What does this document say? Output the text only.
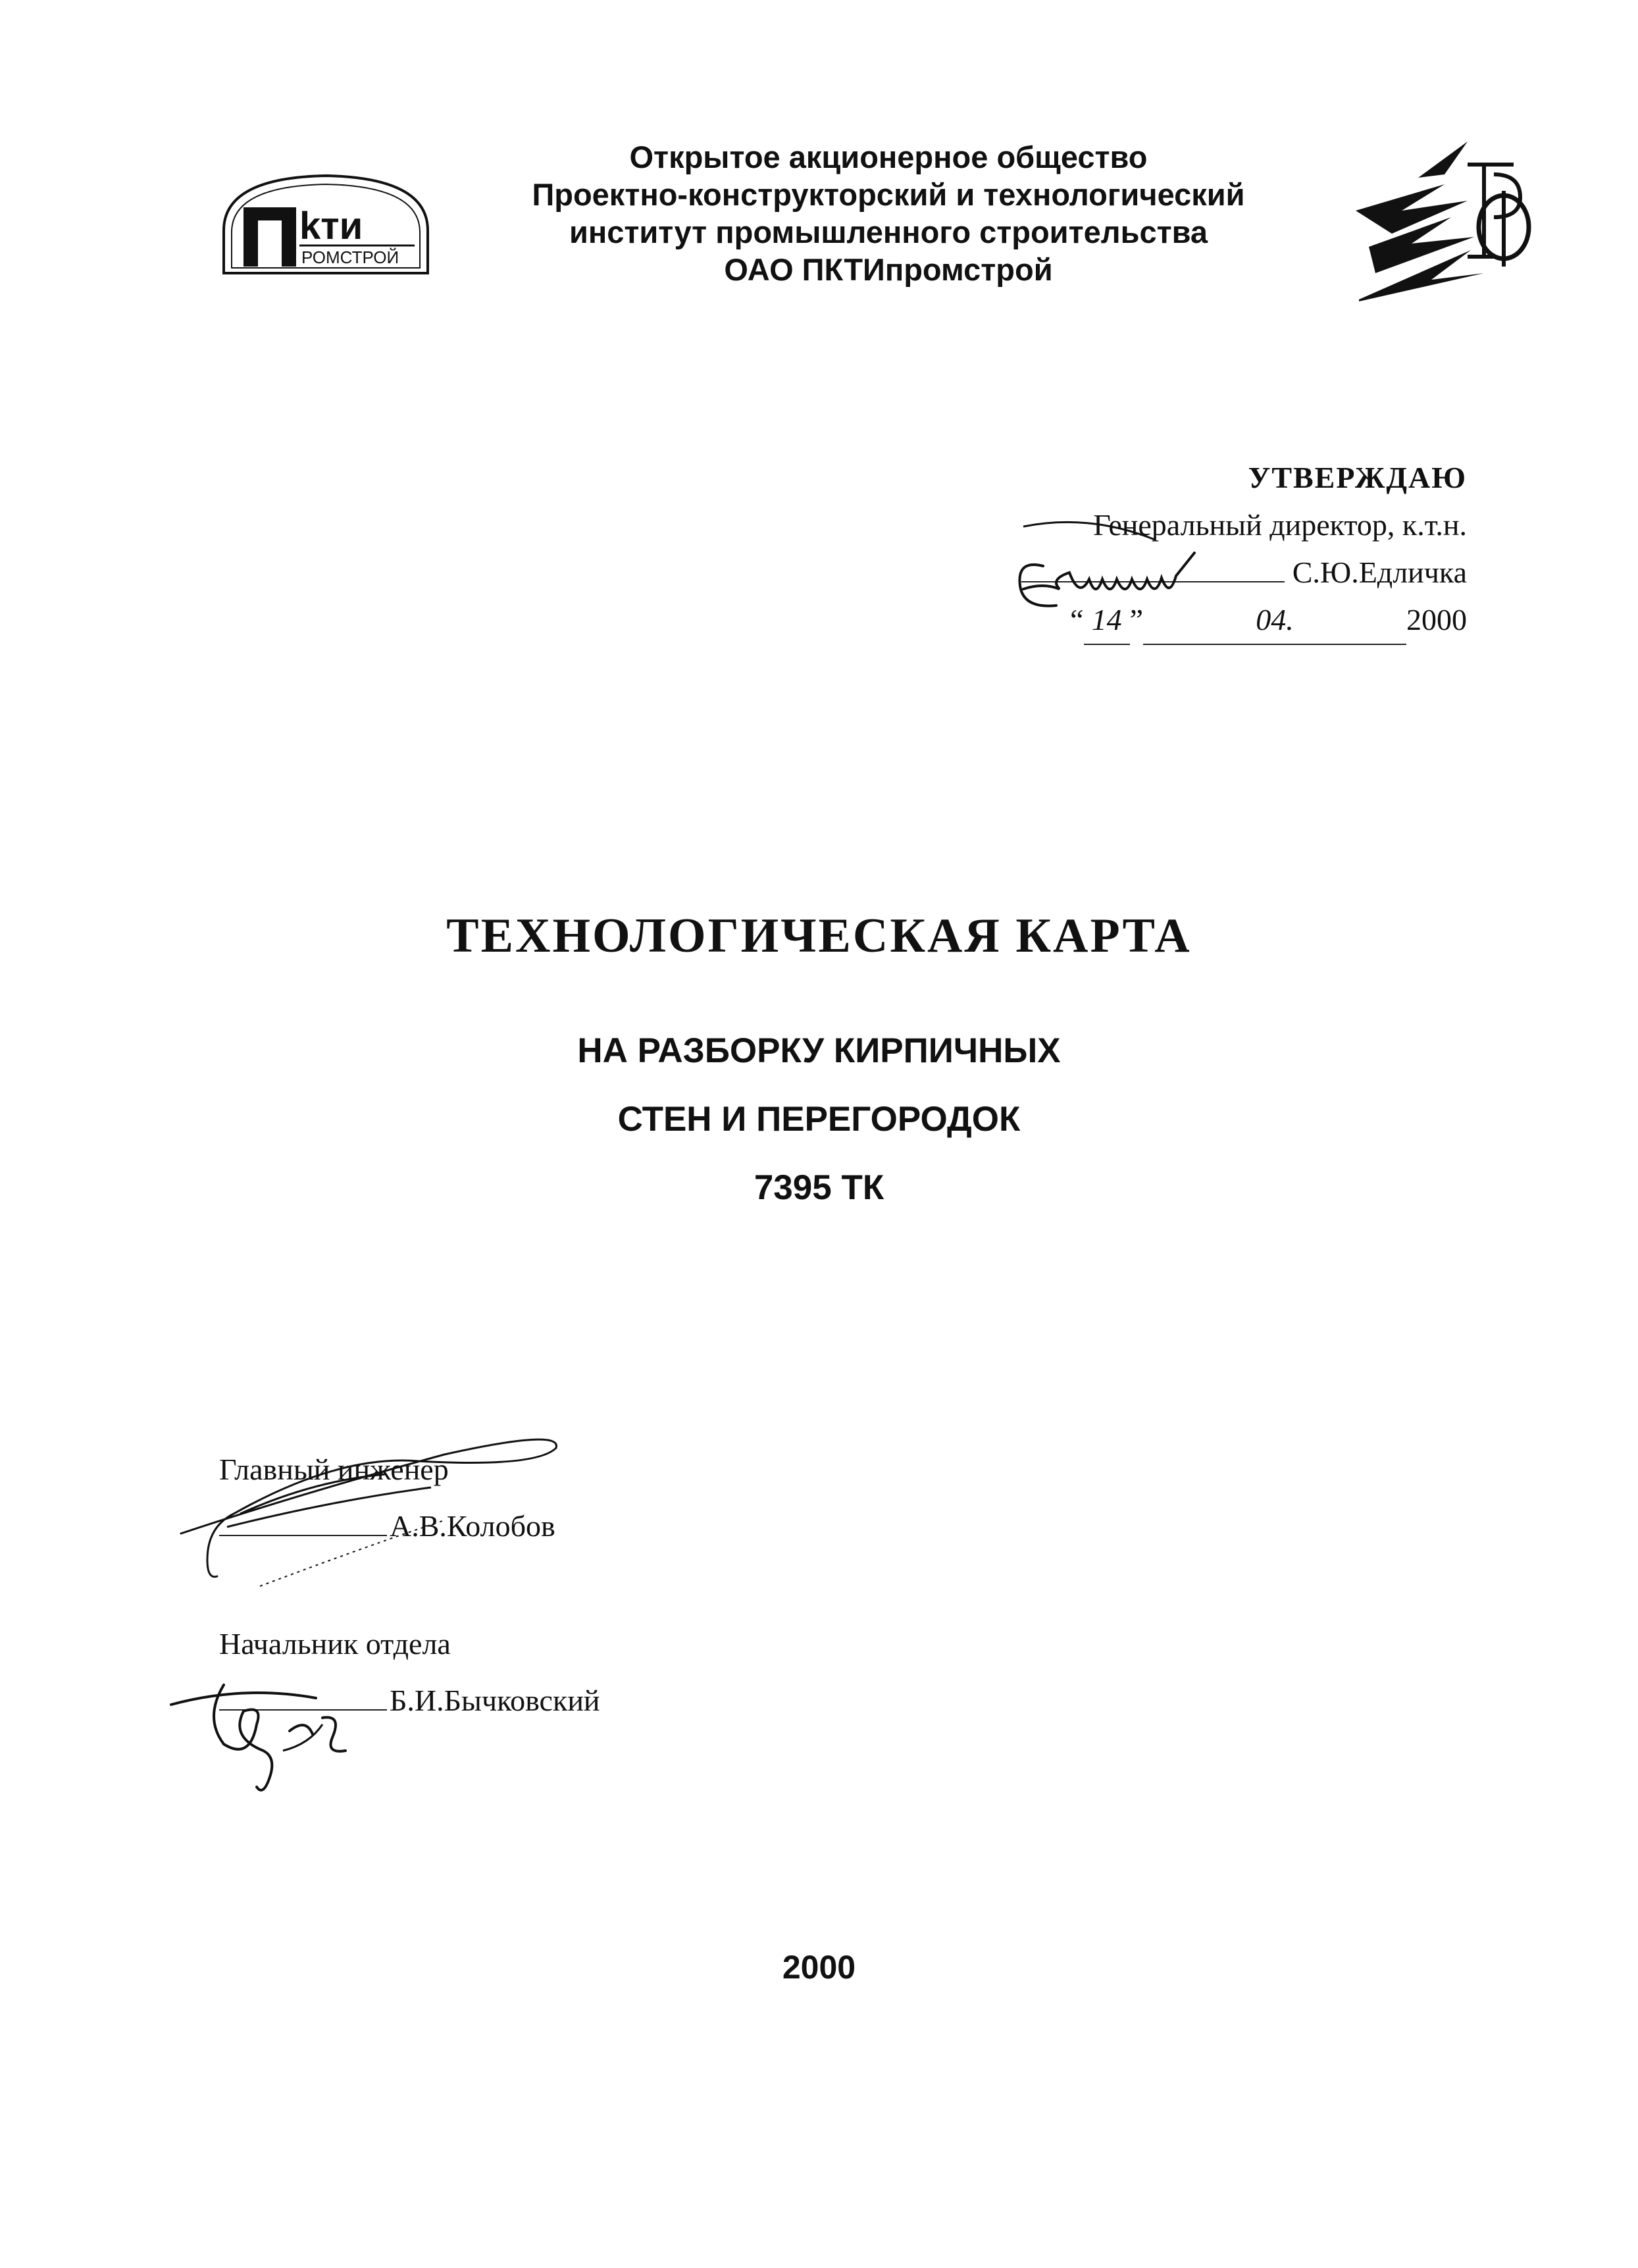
kти
РОМСТРОЙ
Открытое акционерное общество
Проектно-конструкторский и технологический
институт промышленного строительства
ОАО ПКТИпромстрой
УТВЕРЖДАЮ
Генеральный директор, к.т.н.
С.Ю.Едличка
“ 14 ”	04.	2000
ТЕХНОЛОГИЧЕСКАЯ КАРТА
НА РАЗБОРКУ КИРПИЧНЫХ
СТЕН И ПЕРЕГОРОДОК
7395 ТК
Главный инженер
А.В.Колобов
Начальник отдела
Б.И.Бычковский
2000
